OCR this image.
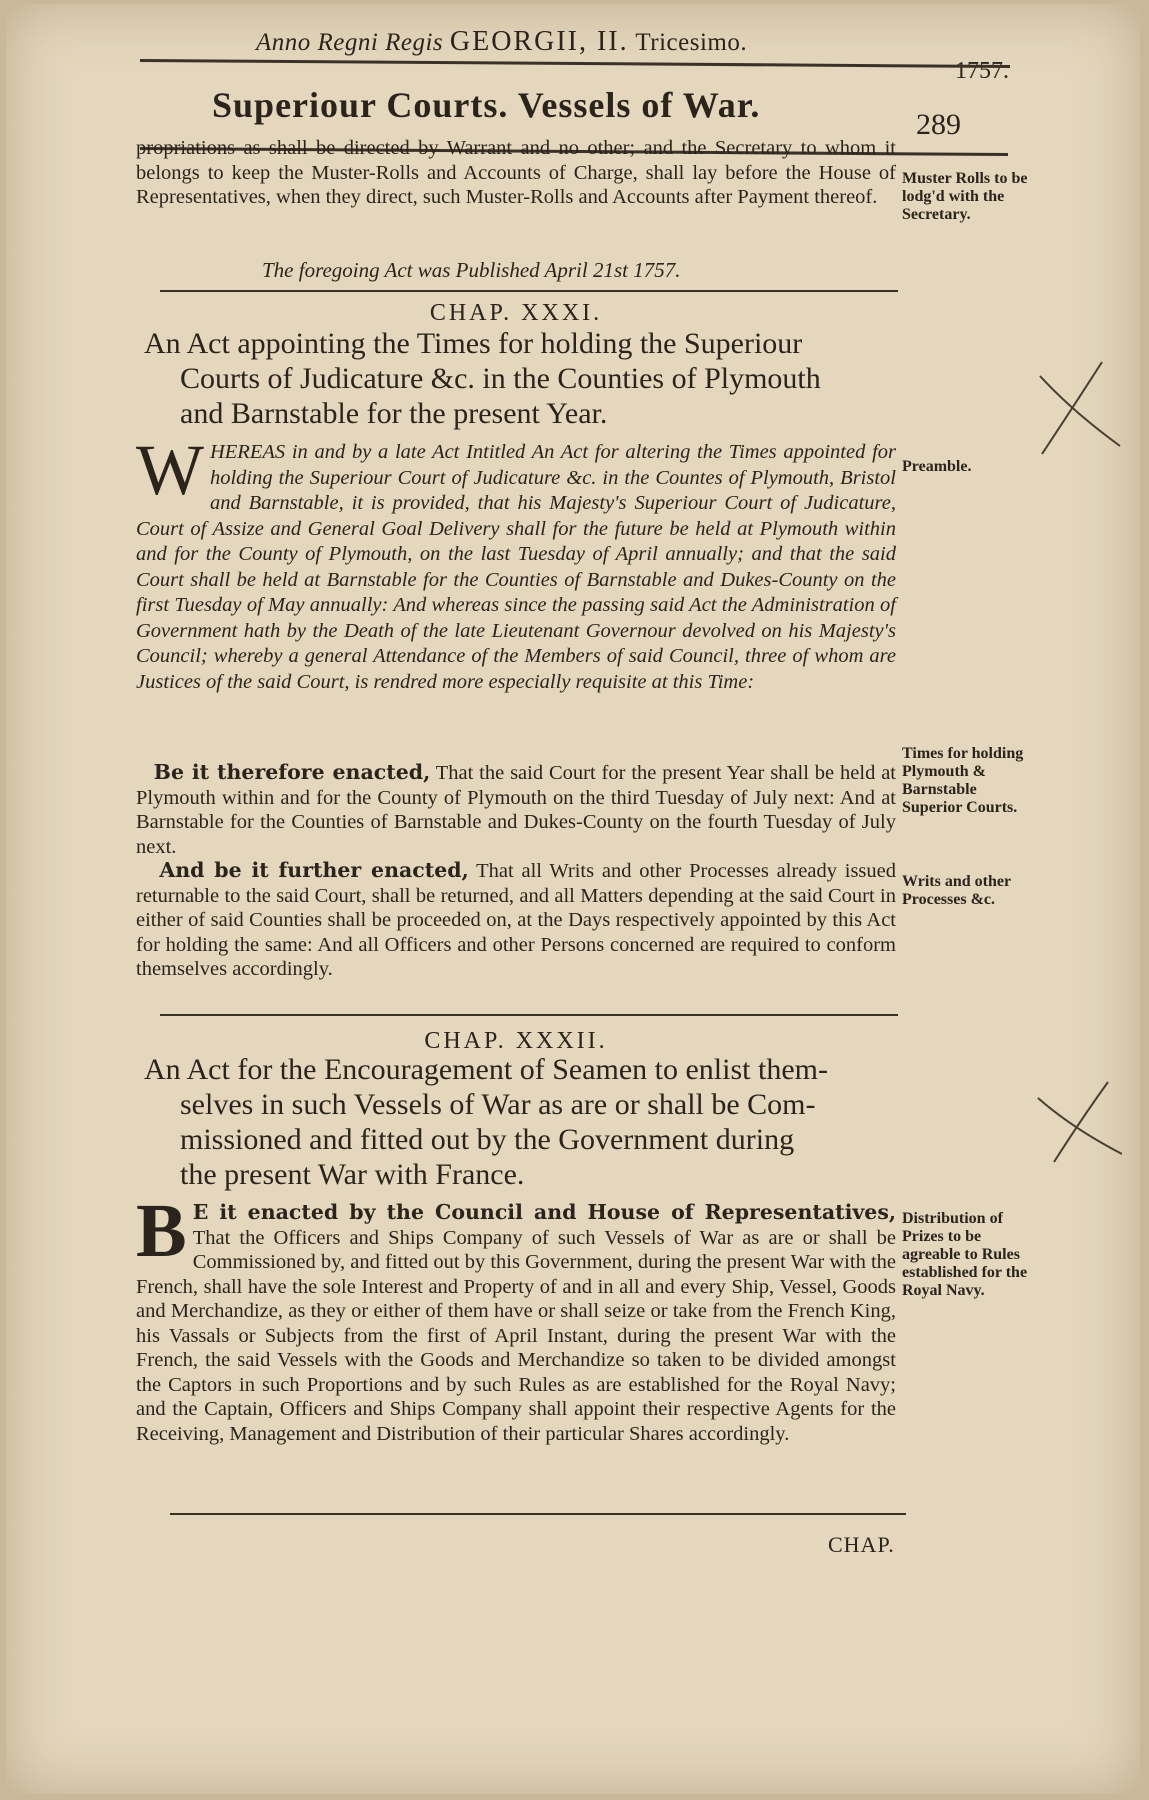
Anno Regni Regis GEORGII, II. Tricesimo.
1757.
Superiour Courts. Vessels of War.	289

propriations as shall be directed by Warrant and no other; and the Secretary to whom it belongs to keep the Muster-Rolls and Accounts of Charge, shall lay before the House of Representatives, when they direct, such Muster-Rolls and Accounts after Payment thereof.

The foregoing Act was Published April 21st 1757.
Muster Rolls to be lodg'd with the Secretary.
CHAP. XXXI.
An Act appointing the Times for holding the Superiour
Courts of Judicature &c. in the Counties of Plymouth
and Barnstable for the present Year.
W HEREAS in and by a late Act Intitled An Act for altering the Times appointed for holding the Superiour Court of Judicature &c. in the Countes of Plymouth, Bristol and Barnstable, it is provided, that his Majesty's Superiour Court of Judicature, Court of Assize and General Goal Delivery shall for the future be held at Plymouth within and for the County of Plymouth, on the last Tuesday of April annually; and that the said Court shall be held at Barnstable for the Counties of Barnstable and Dukes-County on the first Tuesday of May annually: And whereas since the passing said Act the Administration of Government hath by the Death of the late Lieutenant Governour devolved on his Majesty's Council; whereby a general Attendance of the Members of said Council, three of whom are Justices of the said Court, is rendred more especially requisite at this Time:
Preamble.

Be it therefore enacted, That the said Court for the present Year shall be held at Plymouth within and for the County of Plymouth on the third Tuesday of July next: And at Barnstable for the Counties of Barnstable and Dukes-County on the fourth Tuesday of July next.

Times for holding Plymouth & Barnstable Superior Courts.

And be it further enacted, That all Writs and other Processes already issued returnable to the said Court, shall be returned, and all Matters depending at the said Court in either of said Counties shall be proceeded on, at the Days respectively appointed by this Act for holding the same: And all Officers and other Persons concerned are required to conform themselves accordingly.

Writs and other Processes &c.
CHAP. XXXII.
An Act for the Encouragement of Seamen to enlist them-
selves in such Vessels of War as are or shall be Com-
missioned and fitted out by the Government during
the present War with France.
B E it enacted by the Council and House of Representatives, That the Officers and Ships Company of such Vessels of War as are or shall be Commissioned by, and fitted out by this Government, during the present War with the French, shall have the sole Interest and Property of and in all and every Ship, Vessel, Goods and Merchandize, as they or either of them have or shall seize or take from the French King, his Vassals or Subjects from the first of April Instant, during the present War with the French, the said Vessels with the Goods and Merchandize so taken to be divided amongst the Captors in such Proportions and by such Rules as are established for the Royal Navy; and the Captain, Officers and Ships Company shall appoint their respective Agents for the Receiving, Management and Distribution of their particular Shares accordingly.
Distribution of Prizes to be agreable to Rules established for the Royal Navy.
CHAP.
